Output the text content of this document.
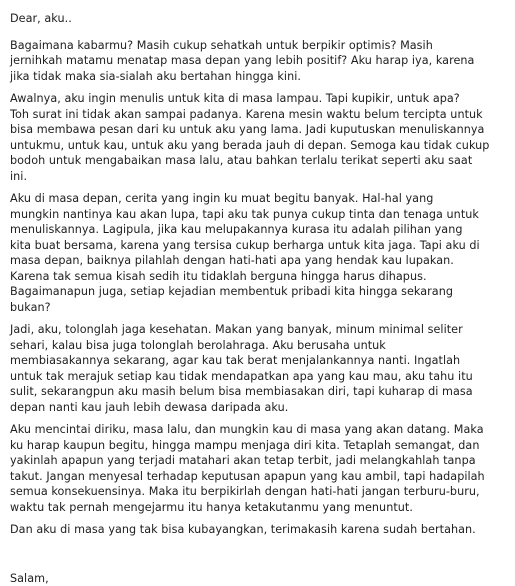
Dear, aku..
Bagaimana kabarmu? Masih cukup sehatkah untuk berpikir optimis? Masih
jernihkah matamu menatap masa depan yang lebih positif? Aku harap iya, karena
jika tidak maka sia-sialah aku bertahan hingga kini.
Awalnya, aku ingin menulis untuk kita di masa lampau. Tapi kupikir, untuk apa?
Toh surat ini tidak akan sampai padanya. Karena mesin waktu belum tercipta untuk
bisa membawa pesan dari ku untuk aku yang lama. Jadi kuputuskan menuliskannya
untukmu, untuk kau, untuk aku yang berada jauh di depan. Semoga kau tidak cukup
bodoh untuk mengabaikan masa lalu, atau bahkan terlalu terikat seperti aku saat
ini.
Aku di masa depan, cerita yang ingin ku muat begitu banyak. Hal-hal yang
mungkin nantinya kau akan lupa, tapi aku tak punya cukup tinta dan tenaga untuk
menuliskannya. Lagipula, jika kau melupakannya kurasa itu adalah pilihan yang
kita buat bersama, karena yang tersisa cukup berharga untuk kita jaga. Tapi aku di
masa depan, baiknya pilahlah dengan hati-hati apa yang hendak kau lupakan.
Karena tak semua kisah sedih itu tidaklah berguna hingga harus dihapus.
Bagaimanapun juga, setiap kejadian membentuk pribadi kita hingga sekarang
bukan?
Jadi, aku, tolonglah jaga kesehatan. Makan yang banyak, minum minimal seliter
sehari, kalau bisa juga tolonglah berolahraga. Aku berusaha untuk
membiasakannya sekarang, agar kau tak berat menjalankannya nanti. Ingatlah
untuk tak merajuk setiap kau tidak mendapatkan apa yang kau mau, aku tahu itu
sulit, sekarangpun aku masih belum bisa membiasakan diri, tapi kuharap di masa
depan nanti kau jauh lebih dewasa daripada aku.
Aku mencintai diriku, masa lalu, dan mungkin kau di masa yang akan datang. Maka
ku harap kaupun begitu, hingga mampu menjaga diri kita. Tetaplah semangat, dan
yakinlah apapun yang terjadi matahari akan tetap terbit, jadi melangkahlah tanpa
takut. Jangan menyesal terhadap keputusan apapun yang kau ambil, tapi hadapilah
semua konsekuensinya. Maka itu berpikirlah dengan hati-hati jangan terburu-buru,
waktu tak pernah mengejarmu itu hanya ketakutanmu yang menuntut.
Dan aku di masa yang tak bisa kubayangkan, terimakasih karena sudah bertahan.
Salam,
